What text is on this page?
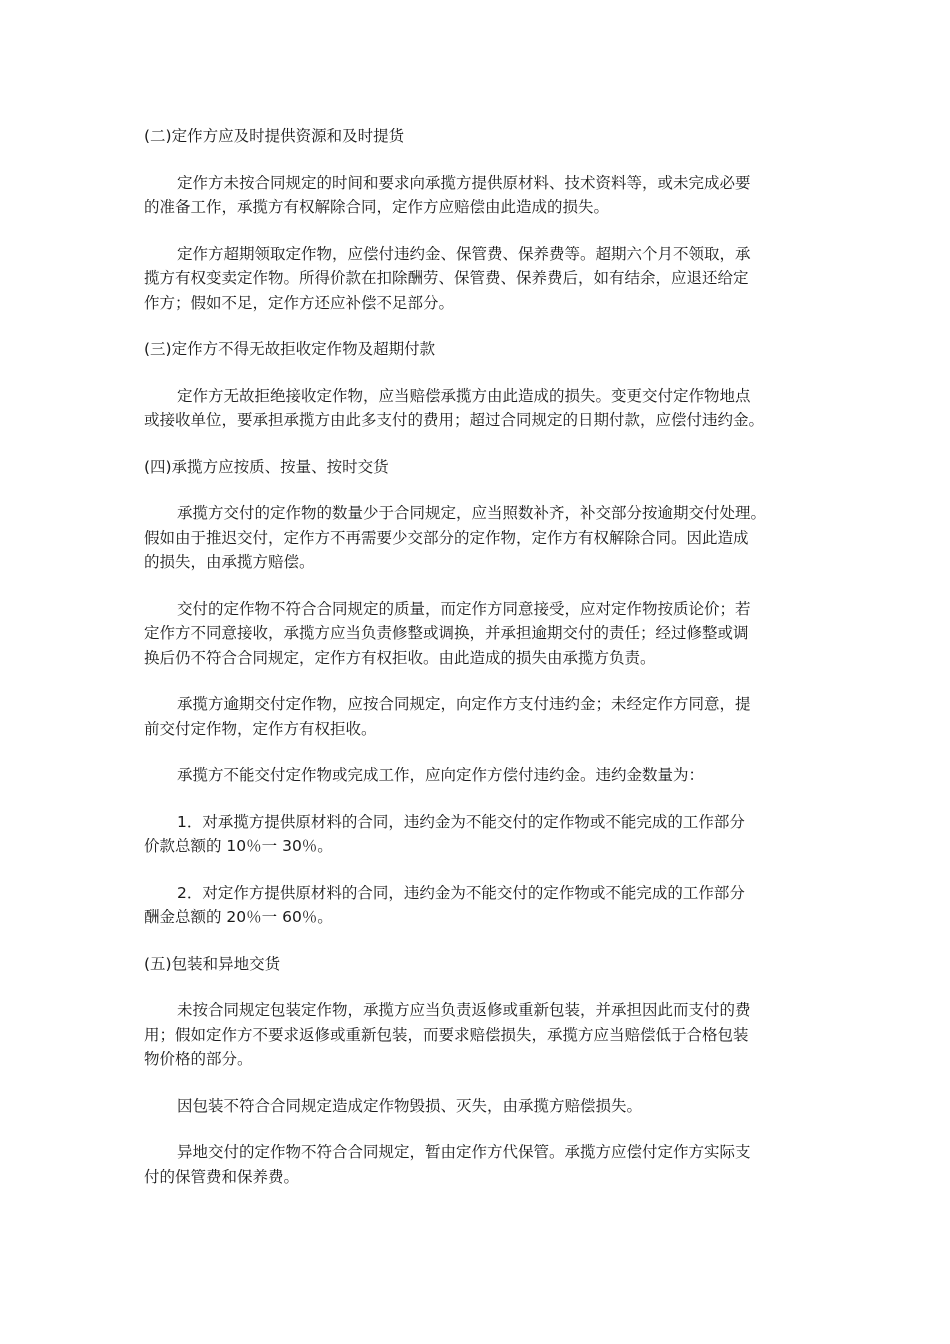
(二)定作方应及时提供资源和及时提货
定作方未按合同规定的时间和要求向承揽方提供原材料、技术资料等，或未完成必要
的准备工作，承揽方有权解除合同，定作方应赔偿由此造成的损失。
定作方超期领取定作物，应偿付违约金、保管费、保养费等。超期六个月不领取，承
揽方有权变卖定作物。所得价款在扣除酬劳、保管费、保养费后，如有结余，应退还给定
作方；假如不足，定作方还应补偿不足部分。
(三)定作方不得无故拒收定作物及超期付款
定作方无故拒绝接收定作物，应当赔偿承揽方由此造成的损失。变更交付定作物地点
或接收单位，要承担承揽方由此多支付的费用；超过合同规定的日期付款，应偿付违约金。
(四)承揽方应按质、按量、按时交货
承揽方交付的定作物的数量少于合同规定，应当照数补齐，补交部分按逾期交付处理。
假如由于推迟交付，定作方不再需要少交部分的定作物，定作方有权解除合同。因此造成
的损失，由承揽方赔偿。
交付的定作物不符合合同规定的质量，而定作方同意接受，应对定作物按质论价；若
定作方不同意接收，承揽方应当负责修整或调换，并承担逾期交付的责任；经过修整或调
换后仍不符合合同规定，定作方有权拒收。由此造成的损失由承揽方负责。
承揽方逾期交付定作物，应按合同规定，向定作方支付违约金；未经定作方同意，提
前交付定作物，定作方有权拒收。
承揽方不能交付定作物或完成工作，应向定作方偿付违约金。违约金数量为：
1．对承揽方提供原材料的合同，违约金为不能交付的定作物或不能完成的工作部分
价款总额的 10％一 30％。
2．对定作方提供原材料的合同，违约金为不能交付的定作物或不能完成的工作部分
酬金总额的 20％一 60％。
(五)包装和异地交货
未按合同规定包装定作物，承揽方应当负责返修或重新包装，并承担因此而支付的费
用；假如定作方不要求返修或重新包装，而要求赔偿损失，承揽方应当赔偿低于合格包装
物价格的部分。
因包装不符合合同规定造成定作物毁损、灭失，由承揽方赔偿损失。
异地交付的定作物不符合合同规定，暂由定作方代保管。承揽方应偿付定作方实际支
付的保管费和保养费。
